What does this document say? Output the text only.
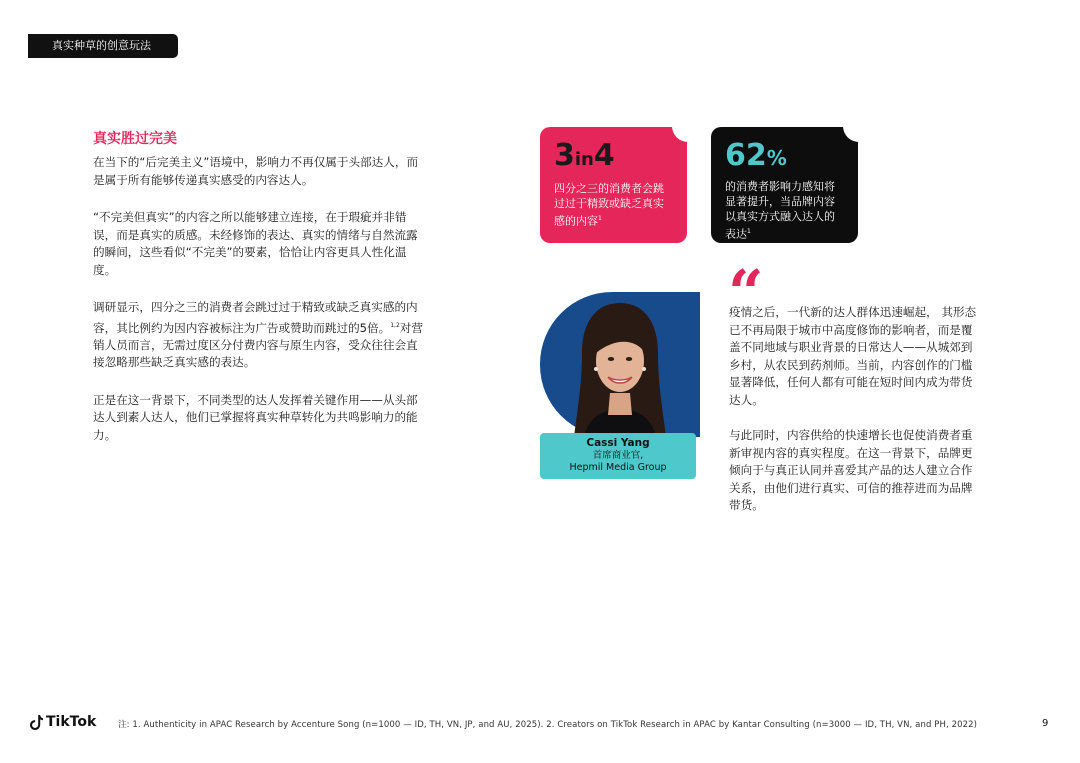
真实种草的创意玩法
真实胜过完美

在当下的“后完美主义”语境中，影响力不再仅属于头部达人，而是属于所有能够传递真实感受的内容达人。

“不完美但真实”的内容之所以能够建立连接，在于瑕疵并非错误，而是真实的质感。未经修饰的表达、真实的情绪与自然流露的瞬间，这些看似“不完美”的要素，恰恰让内容更具人性化温度。

调研显示，四分之三的消费者会跳过过于精致或缺乏真实感的内容，其比例约为因内容被标注为广告或赞助而跳过的5倍。$^{1,2}$对营销人员而言，无需过度区分付费内容与原生内容，受众往往会直接忽略那些缺乏真实感的表达。

正是在这一背景下，不同类型的达人发挥着关键作用——从头部达人到素人达人，他们已掌握将真实种草转化为共鸣影响力的能力。

3in4
四分之三的消费者会跳过过于精致或缺乏真实感的内容$^1$
62%
的消费者影响力感知将显著提升，当品牌内容以真实方式融入达人的表达$^1$
Cassi Yang
首席商业官,
Hepmil Media Group
“

疫情之后，一代新的达人群体迅速崛起， 其形态已不再局限于城市中高度修饰的影响者，而是覆盖不同地域与职业背景的日常达人——从城郊到乡村，从农民到药剂师。当前，内容创作的门槛显著降低，任何人都有可能在短时间内成为带货达人。

与此同时，内容供给的快速增长也促使消费者重新审视内容的真实程度。在这一背景下，品牌更倾向于与真正认同并喜爱其产品的达人建立合作关系，由他们进行真实、可信的推荐进而为品牌带货。

TikTok	注: 1. Authenticity in APAC Research by Accenture Song (n=1000 — ID, TH, VN, JP, and AU, 2025). 2. Creators on TikTok Research in APAC by Kantar Consulting (n=3000 — ID, TH, VN, and PH, 2022)	9
